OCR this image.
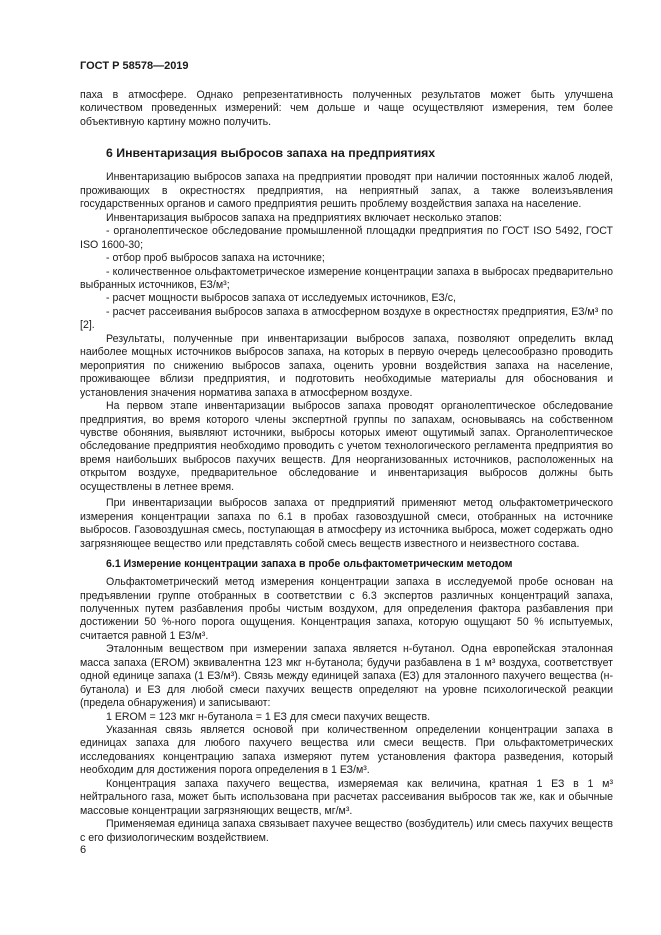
ГОСТ Р 58578—2019

паха в атмосфере. Однако репрезентативность полученных результатов может быть улучшена количеством проведенных измерений: чем дольше и чаще осуществляют измерения, тем более объективную картину можно получить.

6 Инвентаризация выбросов запаха на предприятиях

Инвентаризацию выбросов запаха на предприятии проводят при наличии постоянных жалоб людей, проживающих в окрестностях предприятия, на неприятный запах, а также волеизъявления государственных органов и самого предприятия решить проблему воздействия запаха на население.

Инвентаризация выбросов запаха на предприятиях включает несколько этапов:

- органолептическое обследование промышленной площадки предприятия по ГОСТ ISO 5492, ГОСТ ISO 1600-30;

- отбор проб выбросов запаха на источнике;

- количественное ольфактометрическое измерение концентрации запаха в выбросах предварительно выбранных источников, ЕЗ/м³;

- расчет мощности выбросов запаха от исследуемых источников, ЕЗ/с,

- расчет рассеивания выбросов запаха в атмосферном воздухе в окрестностях предприятия, ЕЗ/м³ по [2].

Результаты, полученные при инвентаризации выбросов запаха, позволяют определить вклад наиболее мощных источников выбросов запаха, на которых в первую очередь целесообразно проводить мероприятия по снижению выбросов запаха, оценить уровни воздействия запаха на население, проживающее вблизи предприятия, и подготовить необходимые материалы для обоснования и установления значения норматива запаха в атмосферном воздухе.

На первом этапе инвентаризации выбросов запаха проводят органолептическое обследование предприятия, во время которого члены экспертной группы по запахам, основываясь на собственном чувстве обоняния, выявляют источники, выбросы которых имеют ощутимый запах. Органолептическое обследование предприятия необходимо проводить с учетом технологического регламента предприятия во время наибольших выбросов пахучих веществ. Для неорганизованных источников, расположенных на открытом воздухе, предварительное обследование и инвентаризация выбросов должны быть осуществлены в летнее время.

При инвентаризации выбросов запаха от предприятий применяют метод ольфактометрического измерения концентрации запаха по 6.1 в пробах газовоздушной смеси, отобранных на источнике выбросов. Газовоздушная смесь, поступающая в атмосферу из источника выброса, может содержать одно загрязняющее вещество или представлять собой смесь веществ известного и неизвестного состава.

6.1 Измерение концентрации запаха в пробе ольфактометрическим методом

Ольфактометрический метод измерения концентрации запаха в исследуемой пробе основан на предъявлении группе отобранных в соответствии с 6.3 экспертов различных концентраций запаха, полученных путем разбавления пробы чистым воздухом, для определения фактора разбавления при достижении 50 %-ного порога ощущения. Концентрация запаха, которую ощущают 50 % испытуемых, считается равной 1 ЕЗ/м³.

Эталонным веществом при измерении запаха является н-бутанол. Одна европейская эталонная масса запаха (EROM) эквивалентна 123 мкг н-бутанола; будучи разбавлена в 1 м³ воздуха, соответствует одной единице запаха (1 ЕЗ/м³). Связь между единицей запаха (ЕЗ) для эталонного пахучего вещества (н-бутанола) и ЕЗ для любой смеси пахучих веществ определяют на уровне психологической реакции (предела обнаружения) и записывают:

1 EROM = 123 мкг н-бутанола = 1 ЕЗ для смеси пахучих веществ.

Указанная связь является основой при количественном определении концентрации запаха в единицах запаха для любого пахучего вещества или смеси веществ. При ольфактометрических исследованиях концентрацию запаха измеряют путем установления фактора разведения, который необходим для достижения порога определения в 1 ЕЗ/м³.

Концентрация запаха пахучего вещества, измеряемая как величина, кратная 1 ЕЗ в 1 м³ нейтрального газа, может быть использована при расчетах рассеивания выбросов так же, как и обычные массовые концентрации загрязняющих веществ, мг/м³.

Применяемая единица запаха связывает пахучее вещество (возбудитель) или смесь пахучих веществ с его физиологическим воздействием.

6
